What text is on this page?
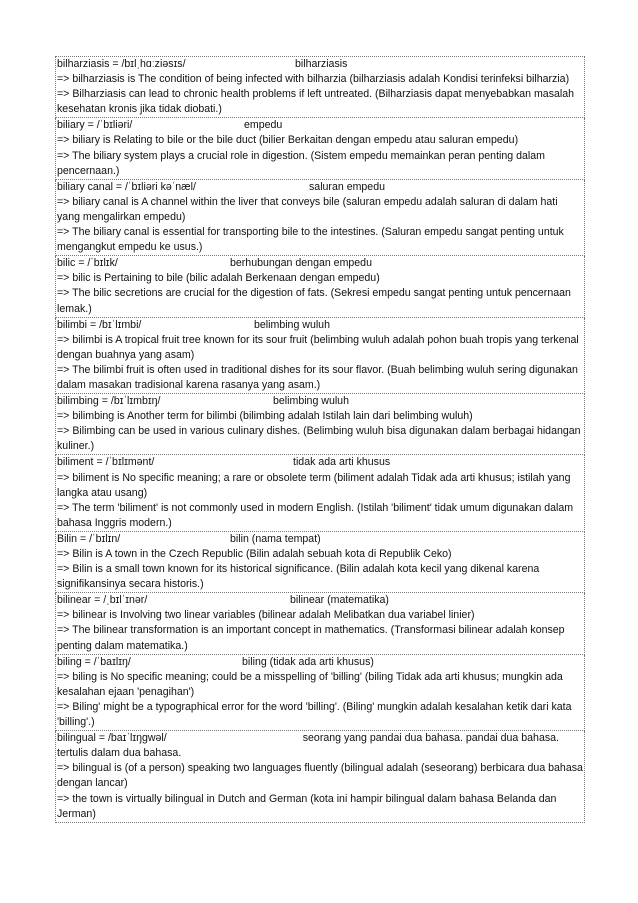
bilharziasis = /bɪlˌhɑːziəsɪs/	bilharziasis

=> bilharziasis is The condition of being infected with bilharzia (bilharziasis adalah Kondisi terinfeksi bilharzia)

=> Bilharziasis can lead to chronic health problems if left untreated. (Bilharziasis dapat menyebabkan masalah kesehatan kronis jika tidak diobati.)

biliary = /ˈbɪliəri/	empedu

=> biliary is Relating to bile or the bile duct (bilier Berkaitan dengan empedu atau saluran empedu)

=> The biliary system plays a crucial role in digestion. (Sistem empedu memainkan peran penting dalam pencernaan.)

biliary canal = /ˈbɪliəri kəˈnæl/	saluran empedu

=> biliary canal is A channel within the liver that conveys bile (saluran empedu adalah saluran di dalam hati yang mengalirkan empedu)

=> The biliary canal is essential for transporting bile to the intestines. (Saluran empedu sangat penting untuk mengangkut empedu ke usus.)

bilic = /ˈbɪlɪk/	berhubungan dengan empedu

=> bilic is Pertaining to bile (bilic adalah Berkenaan dengan empedu)

=> The bilic secretions are crucial for the digestion of fats. (Sekresi empedu sangat penting untuk pencernaan lemak.)

bilimbi = /bɪˈlɪmbi/	belimbing wuluh

=> bilimbi is A tropical fruit tree known for its sour fruit (belimbing wuluh adalah pohon buah tropis yang terkenal dengan buahnya yang asam)

=> The bilimbi fruit is often used in traditional dishes for its sour flavor. (Buah belimbing wuluh sering digunakan dalam masakan tradisional karena rasanya yang asam.)

bilimbing = /bɪˈlɪmbɪŋ/	belimbing wuluh

=> bilimbing is Another term for bilimbi (bilimbing adalah Istilah lain dari belimbing wuluh)

=> Bilimbing can be used in various culinary dishes. (Belimbing wuluh bisa digunakan dalam berbagai hidangan kuliner.)

biliment = /ˈbɪlɪmənt/	tidak ada arti khusus

=> biliment is No specific meaning; a rare or obsolete term (biliment adalah Tidak ada arti khusus; istilah yang langka atau usang)

=> The term 'biliment' is not commonly used in modern English. (Istilah 'biliment' tidak umum digunakan dalam bahasa Inggris modern.)

Bilin = /ˈbɪlɪn/	bilin (nama tempat)

=> Bilin is A town in the Czech Republic (Bilin adalah sebuah kota di Republik Ceko)

=> Bilin is a small town known for its historical significance. (Bilin adalah kota kecil yang dikenal karena signifikansinya secara historis.)

bilinear = /ˌbɪlˈɪnər/	bilinear (matematika)

=> bilinear is Involving two linear variables (bilinear adalah Melibatkan dua variabel linier)

=> The bilinear transformation is an important concept in mathematics. (Transformasi bilinear adalah konsep penting dalam matematika.)

biling = /ˈbaɪlɪŋ/	biling (tidak ada arti khusus)

=> biling is No specific meaning; could be a misspelling of 'billing' (biling Tidak ada arti khusus; mungkin ada kesalahan ejaan 'penagihan')

=> Biling' might be a typographical error for the word 'billing'. (Biling' mungkin adalah kesalahan ketik dari kata 'billing'.)

bilingual = /baɪˈlɪŋgwəl/	seorang yang pandai dua bahasa. pandai dua bahasa. tertulis dalam dua bahasa.

=> bilingual is (of a person) speaking two languages fluently (bilingual adalah (seseorang) berbicara dua bahasa dengan lancar)

=> the town is virtually bilingual in Dutch and German (kota ini hampir bilingual dalam bahasa Belanda dan Jerman)
